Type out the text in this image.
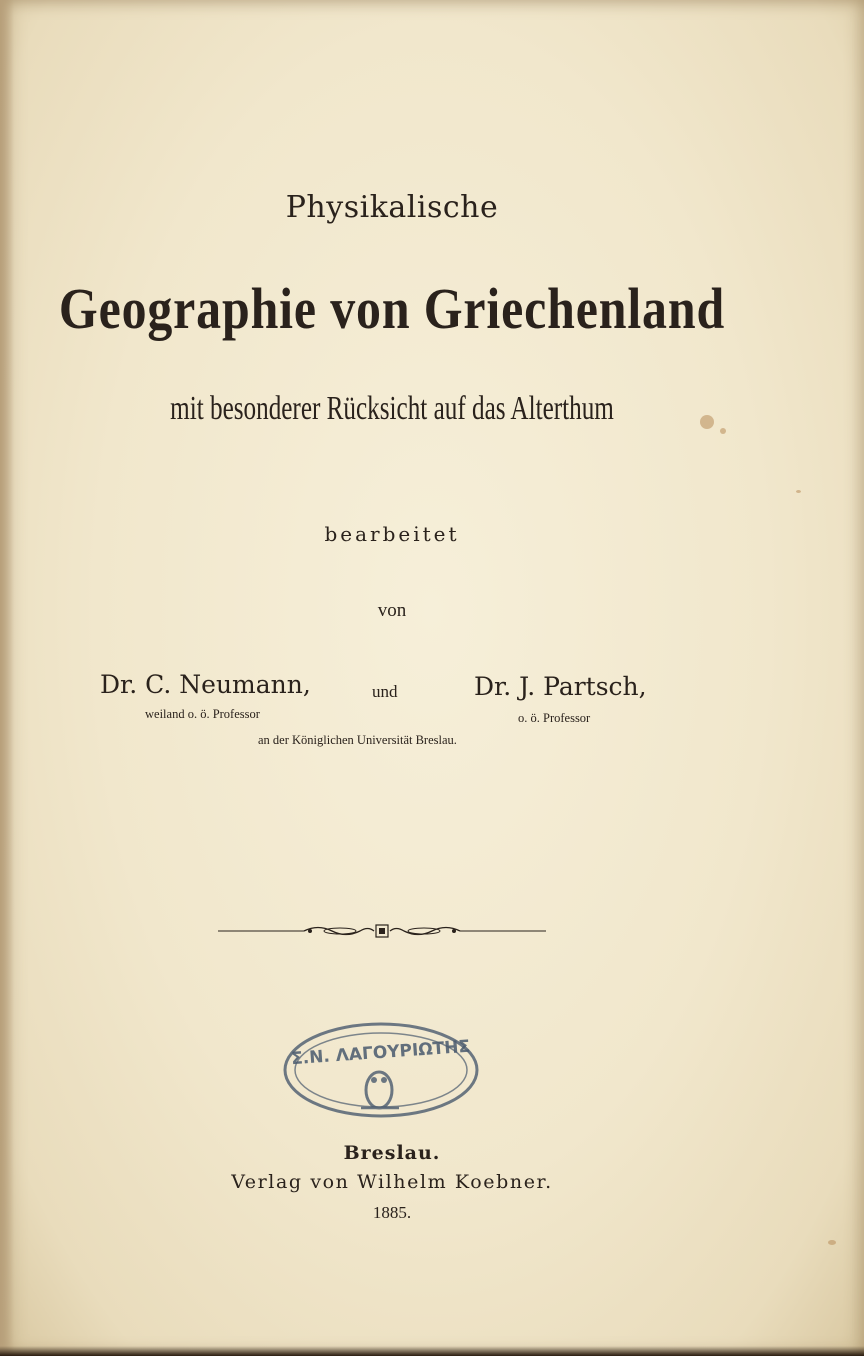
Physikalische
Geographie von Griechenland
mit besonderer Rücksicht auf das Alterthum
bearbeitet
von
Dr. C. Neumann,	und	Dr. J. Partsch,
weiland o. ö. Professor	o. ö. Professor
an der Königlichen Universität Breslau.
Σ.Ν. ΛΑΓΟΥΡΙΩΤΗΣ
Breslau.
Verlag von Wilhelm Koebner.
1885.
